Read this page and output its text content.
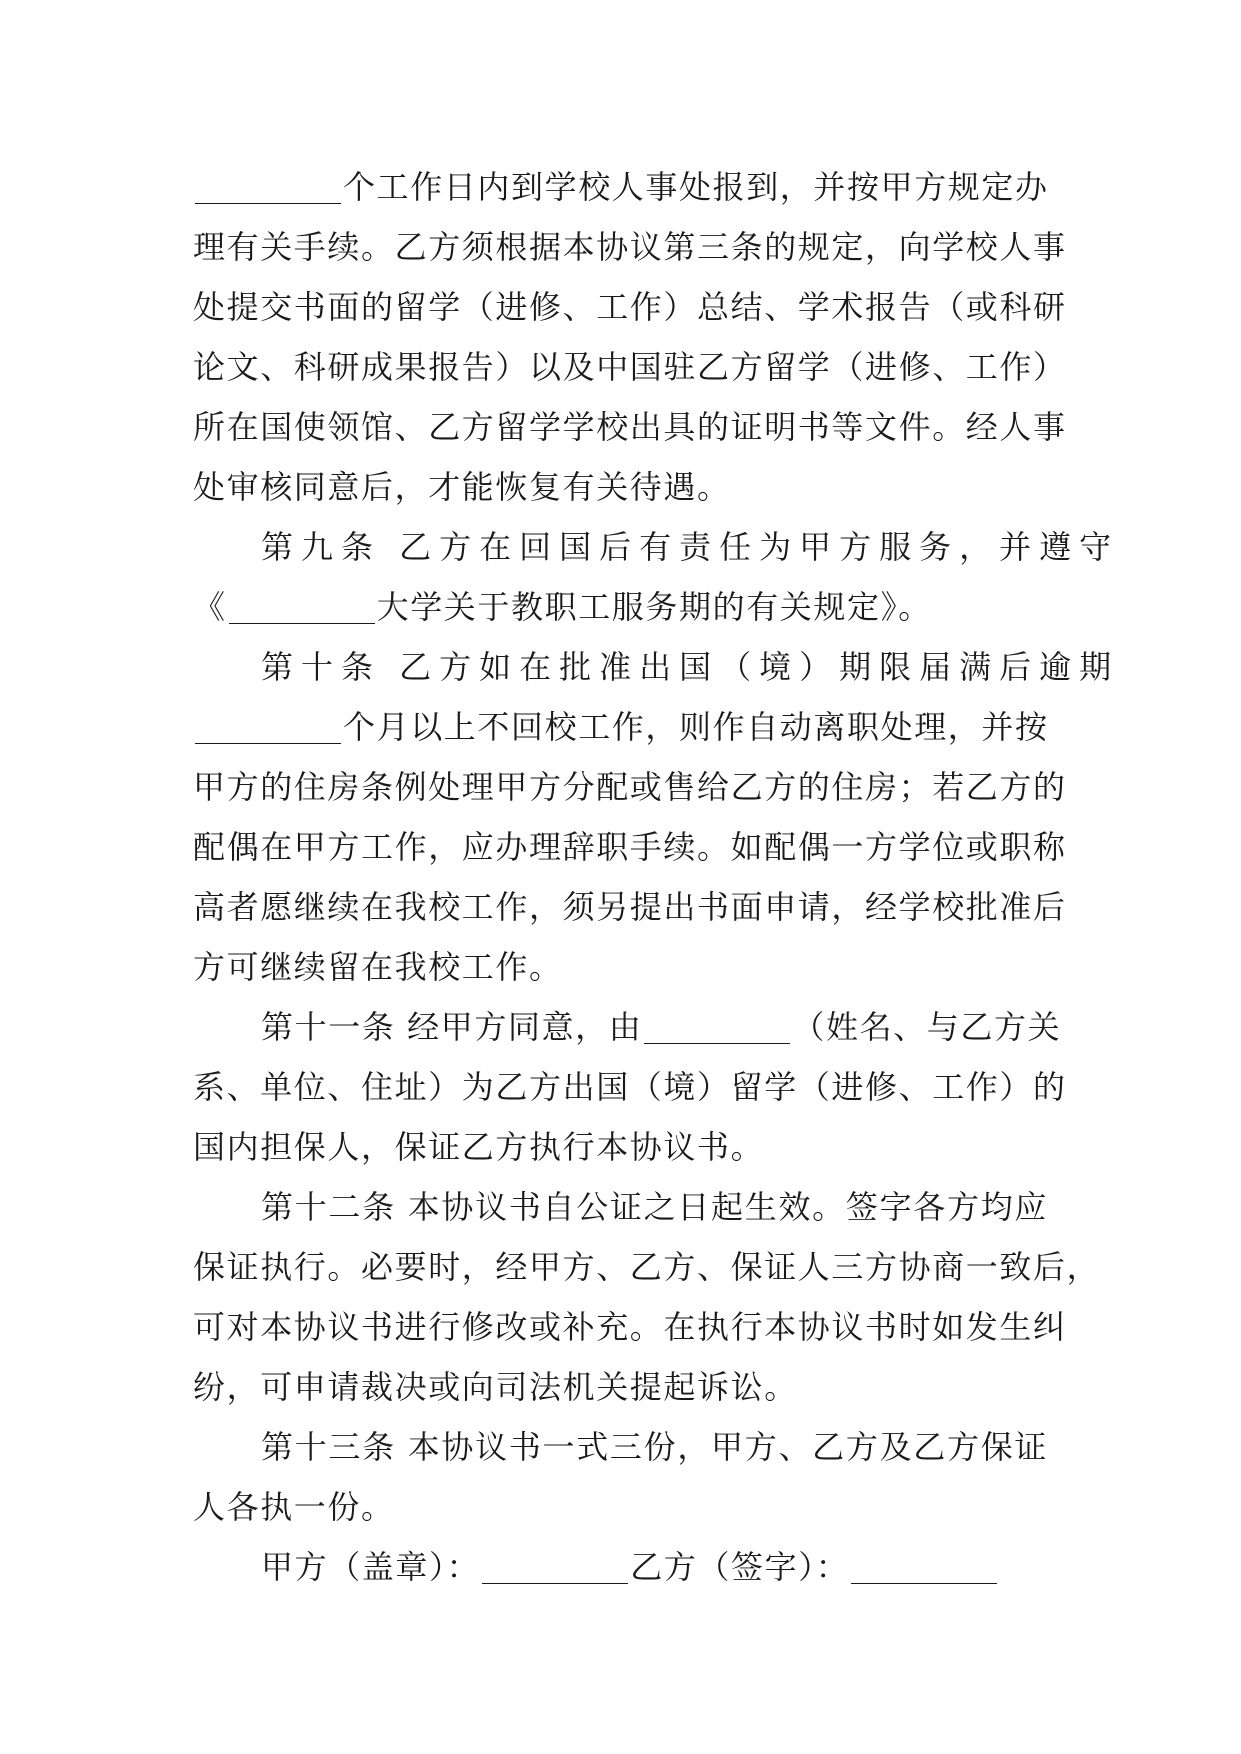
个工作日内到学校人事处报到，并按甲方规定办
理有关手续。乙方须根据本协议第三条的规定，向学校人事
处提交书面的留学（进修、工作）总结、学术报告（或科研
论文、科研成果报告）以及中国驻乙方留学（进修、工作）
所在国使领馆、乙方留学学校出具的证明书等文件。经人事
处审核同意后，才能恢复有关待遇。
第九条 乙方在回国后有责任为甲方服务，并遵守
《	大学关于教职工服务期的有关规定》。
第十条 乙方如在批准出国（境）期限届满后逾期
个月以上不回校工作，则作自动离职处理，并按
甲方的住房条例处理甲方分配或售给乙方的住房；若乙方的
配偶在甲方工作，应办理辞职手续。如配偶一方学位或职称
高者愿继续在我校工作，须另提出书面申请，经学校批准后
方可继续留在我校工作。
第十一条 经甲方同意，由	（姓名、与乙方关
系、单位、住址）为乙方出国（境）留学（进修、工作）的
国内担保人，保证乙方执行本协议书。
第十二条 本协议书自公证之日起生效。签字各方均应
保证执行。必要时，经甲方、乙方、保证人三方协商一致后，
可对本协议书进行修改或补充。在执行本协议书时如发生纠
纷，可申请裁决或向司法机关提起诉讼。
第十三条 本协议书一式三份，甲方、乙方及乙方保证
人各执一份。
甲方（盖章）：	乙方（签字）：
